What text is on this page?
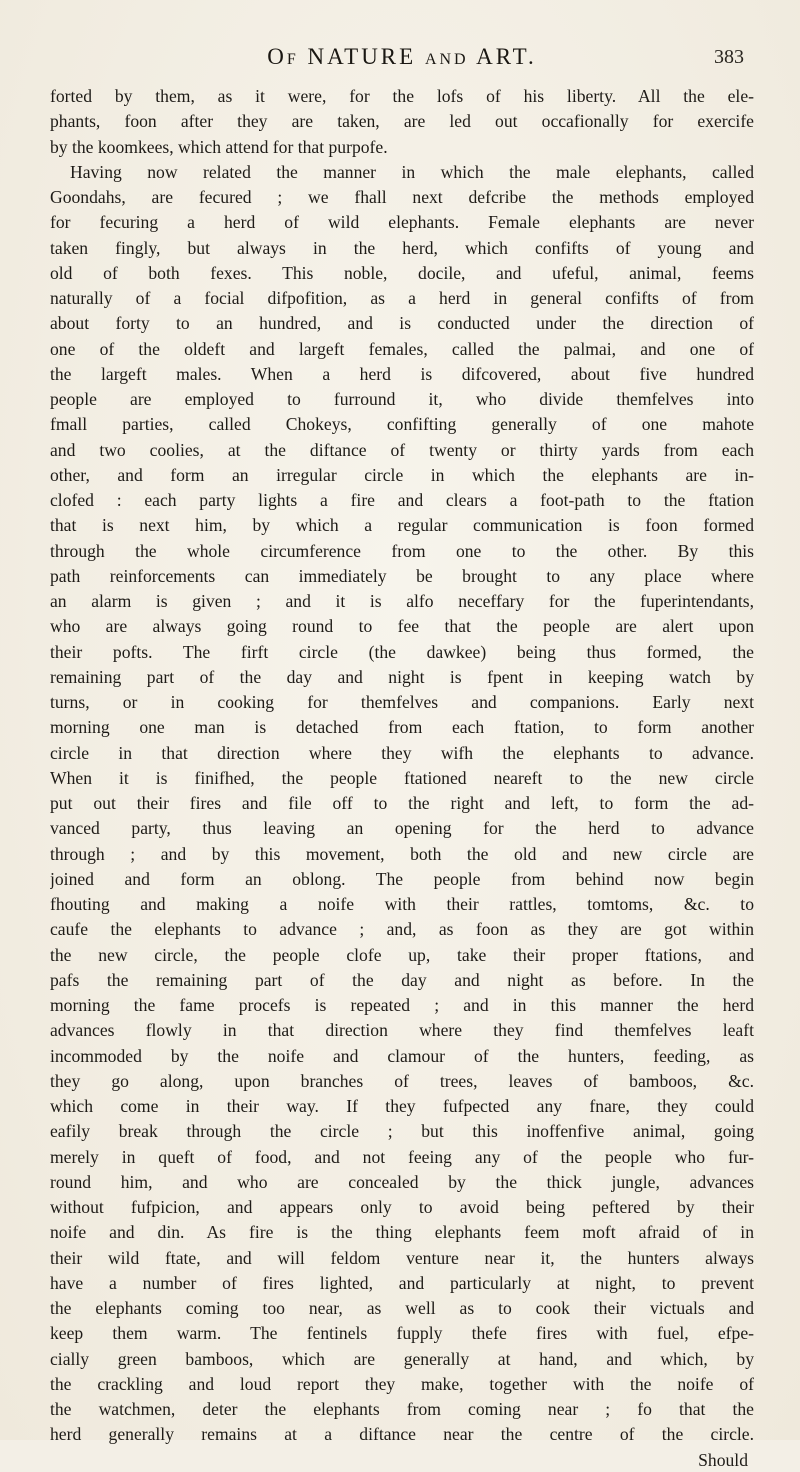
Of NATURE and ART.	383

forted by them, as it were, for the lofs of his liberty. All the ele-

phants, foon after they are taken, are led out occafionally for exercife

by the koomkees, which attend for that purpofe.

Having now related the manner in which the male elephants, called

Goondahs, are fecured ; we fhall next defcribe the methods employed

for fecuring a herd of wild elephants. Female elephants are never

taken fingly, but always in the herd, which confifts of young and

old of both fexes. This noble, docile, and ufeful, animal, feems

naturally of a focial difpofition, as a herd in general confifts of from

about forty to an hundred, and is conducted under the direction of

one of the oldeft and largeft females, called the palmai, and one of

the largeft males. When a herd is difcovered, about five hundred

people are employed to furround it, who divide themfelves into

fmall parties, called Chokeys, confifting generally of one mahote

and two coolies, at the diftance of twenty or thirty yards from each

other, and form an irregular circle in which the elephants are in-

clofed : each party lights a fire and clears a foot-path to the ftation

that is next him, by which a regular communication is foon formed

through the whole circumference from one to the other. By this

path reinforcements can immediately be brought to any place where

an alarm is given ; and it is alfo neceffary for the fuperintendants,

who are always going round to fee that the people are alert upon

their pofts. The firft circle (the dawkee) being thus formed, the

remaining part of the day and night is fpent in keeping watch by

turns, or in cooking for themfelves and companions. Early next

morning one man is detached from each ftation, to form another

circle in that direction where they wifh the elephants to advance.

When it is finifhed, the people ftationed neareft to the new circle

put out their fires and file off to the right and left, to form the ad-

vanced party, thus leaving an opening for the herd to advance

through ; and by this movement, both the old and new circle are

joined and form an oblong. The people from behind now begin

fhouting and making a noife with their rattles, tomtoms, &c. to

caufe the elephants to advance ; and, as foon as they are got within

the new circle, the people clofe up, take their proper ftations, and

pafs the remaining part of the day and night as before. In the

morning the fame procefs is repeated ; and in this manner the herd

advances flowly in that direction where they find themfelves leaft

incommoded by the noife and clamour of the hunters, feeding, as

they go along, upon branches of trees, leaves of bamboos, &c.

which come in their way. If they fufpected any fnare, they could

eafily break through the circle ; but this inoffenfive animal, going

merely in queft of food, and not feeing any of the people who fur-

round him, and who are concealed by the thick jungle, advances

without fufpicion, and appears only to avoid being peftered by their

noife and din. As fire is the thing elephants feem moft afraid of in

their wild ftate, and will feldom venture near it, the hunters always

have a number of fires lighted, and particularly at night, to prevent

the elephants coming too near, as well as to cook their victuals and

keep them warm. The fentinels fupply thefe fires with fuel, efpe-

cially green bamboos, which are generally at hand, and which, by

the crackling and loud report they make, together with the noife of

the watchmen, deter the elephants from coming near ; fo that the

herd generally remains at a diftance near the centre of the circle.

Should
